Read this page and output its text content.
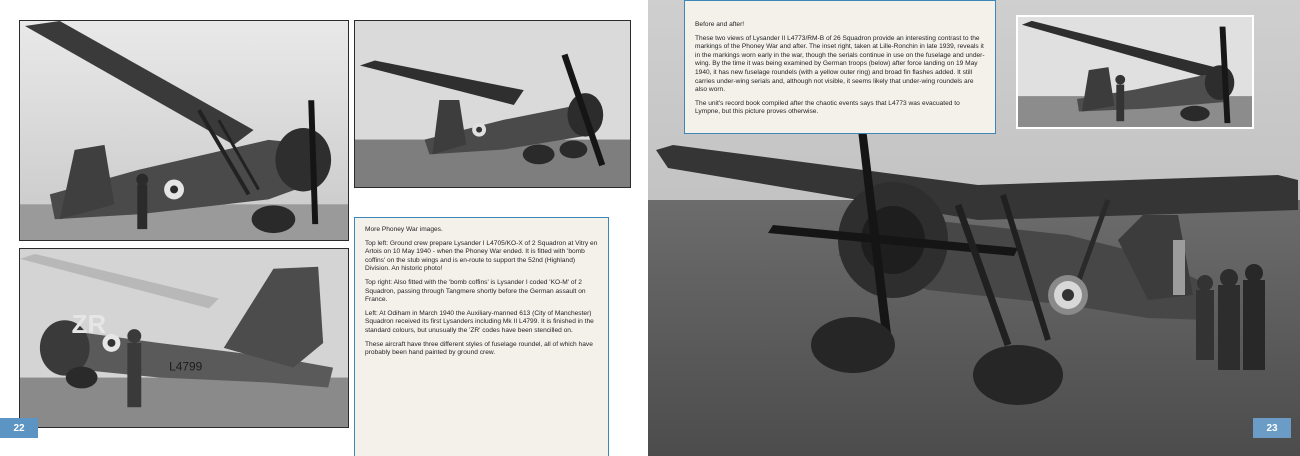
ZR
L4799

More Phoney War images.

Top left: Ground crew prepare Lysander I L4705/KO-X of 2 Squadron at Vitry en Artois on 10 May 1940 - when the Phoney War ended. It is fitted with 'bomb coffins' on the stub wings and is en-route to support the 52nd (Highland) Division. An historic photo!

Top right: Also fitted with the 'bomb coffins' is Lysander I coded 'KO-M' of 2 Squadron, passing through Tangmere shortly before the German assault on France.

Left: At Odiham in March 1940 the Auxiliary-manned 613 (City of Manchester) Squadron received its first Lysanders including Mk II L4799. It is finished in the standard colours, but unusually the 'ZR' codes have been stencilled on.

These aircraft have three different styles of fuselage roundel, all of which have probably been hand painted by ground crew.

22

Before and after!

These two views of Lysander II L4773/RM-B of 26 Squadron provide an interesting contrast to the markings of the Phoney War and after. The inset right, taken at Lille-Ronchin in late 1939, reveals it in the markings worn early in the war, though the serials continue in use on the fuselage and under-wing. By the time it was being examined by German troops (below) after force landing on 19 May 1940, it has new fuselage roundels (with a yellow outer ring) and broad fin flashes added. It still carries under-wing serials and, although not visible, it seems likely that under-wing roundels are also worn.

The unit's record book compiled after the chaotic events says that L4773 was evacuated to Lympne, but this picture proves otherwise.

23
